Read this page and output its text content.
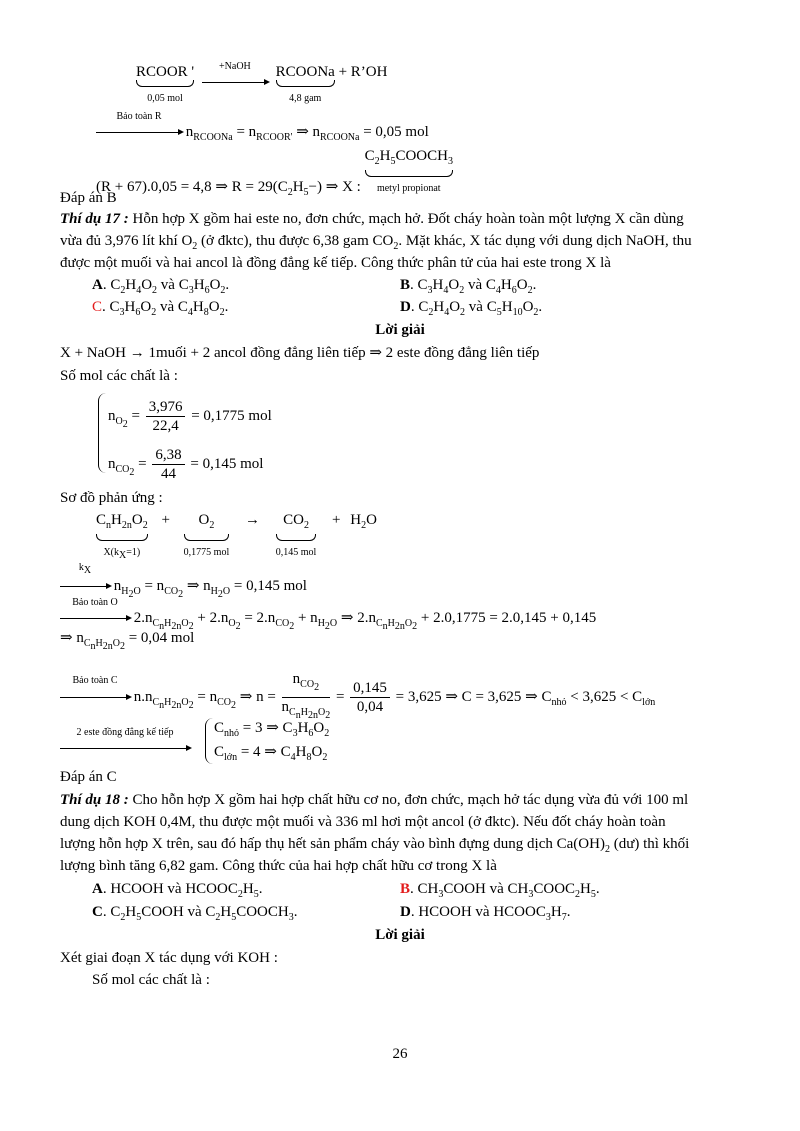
RCOOR '
0,05 mol
+NaOH	RCOONa
4,8 gam + R’OH
Bảo toàn R
$n_{RCOONa} = n_{RCOOR'}$ ⇒ $n_{RCOONa} = 0,05$ mol
(R + 67).0,05 = 4,8 ⇒ $R = 29(C_2H_5-)$ ⇒ X : $C_2H_5COOCH_3$
metyl propionat
Đáp án B
Thí dụ 17 : Hỗn hợp X gồm hai este no, đơn chức, mạch hở. Đốt cháy hoàn toàn một lượng X cần dùng
vừa đủ 3,976 lít khí $O_2$ (ở đktc), thu được 6,38 gam $CO_2$. Mặt khác, X tác dụng với dung dịch NaOH, thu
được một muối và hai ancol là đồng đẳng kế tiếp. Công thức phân tử của hai este trong X là
A. $C_2H_4O_2$ và $C_3H_6O_2$.	B. $C_3H_4O_2$ và $C_4H_6O_2$.
C. $C_3H_6O_2$ và $C_4H_8O_2$.	D. $C_2H_4O_2$ và $C_5H_{10}O_2$.
Lời giải
X + NaOH → 1muối + 2 ancol đồng đẳng liên tiếp ⇒ 2 este đồng đẳng liên tiếp
Số mol các chất là :
$n_{O_2} = \frac{3,976}{22,4} = 0,1775$ mol
$n_{CO_2} = \frac{6,38}{44} = 0,145$ mol
Sơ đồ phản ứng :
$C_nH_{2n}O_2$
$X(k_X=1) + O_2$
0,1775 mol → $CO_2$
0,145 mol + $H_2O$
$k_X$
$n_{H_2O} = n_{CO_2}$ ⇒ $n_{H_2O} = 0,145$ mol
Bảo toàn O
$2.n_{C_nH_{2n}O_2} + 2.n_{O_2} = 2.n_{CO_2} + n_{H_2O}$ ⇒ $2.n_{C_nH_{2n}O_2} + 2.0,1775 = 2.0,145 + 0,145$
⇒ $n_{C_nH_{2n}O_2} = 0,04$ mol
Bảo toàn C
$n.n_{C_nH_{2n}O_2} = n_{CO_2}$ ⇒ $n = \frac{n_{CO_2}}{n_{C_nH_{2n}O_2}} = \frac{0,145}{0,04} = 3,625$ ⇒ C = 3,625 ⇒ $C_{nhỏ} < 3,625 < C_{lớn}$
2 este đồng đẳng kế tiếp	$C_{nhỏ} = 3$ ⇒ $C_3H_6O_2$
$C_{lớn} = 4$ ⇒ $C_4H_8O_2$
Đáp án C
Thí dụ 18 : Cho hỗn hợp X gồm hai hợp chất hữu cơ no, đơn chức, mạch hở tác dụng vừa đủ với 100 ml
dung dịch KOH 0,4M, thu được một muối và 336 ml hơi một ancol (ở đktc). Nếu đốt cháy hoàn toàn
lượng hỗn hợp X trên, sau đó hấp thụ hết sản phẩm cháy vào bình đựng dung dịch $Ca(OH)_2$ (dư) thì khối
lượng bình tăng 6,82 gam. Công thức của hai hợp chất hữu cơ trong X là
A. HCOOH và $HCOOC_2H_5$.	B. $CH_3COOH$ và $CH_3COOC_2H_5$.
C. $C_2H_5COOH$ và $C_2H_5COOCH_3$.	D. HCOOH và $HCOOC_3H_7$.
Lời giải
Xét giai đoạn X tác dụng với KOH :
Số mol các chất là :
26
